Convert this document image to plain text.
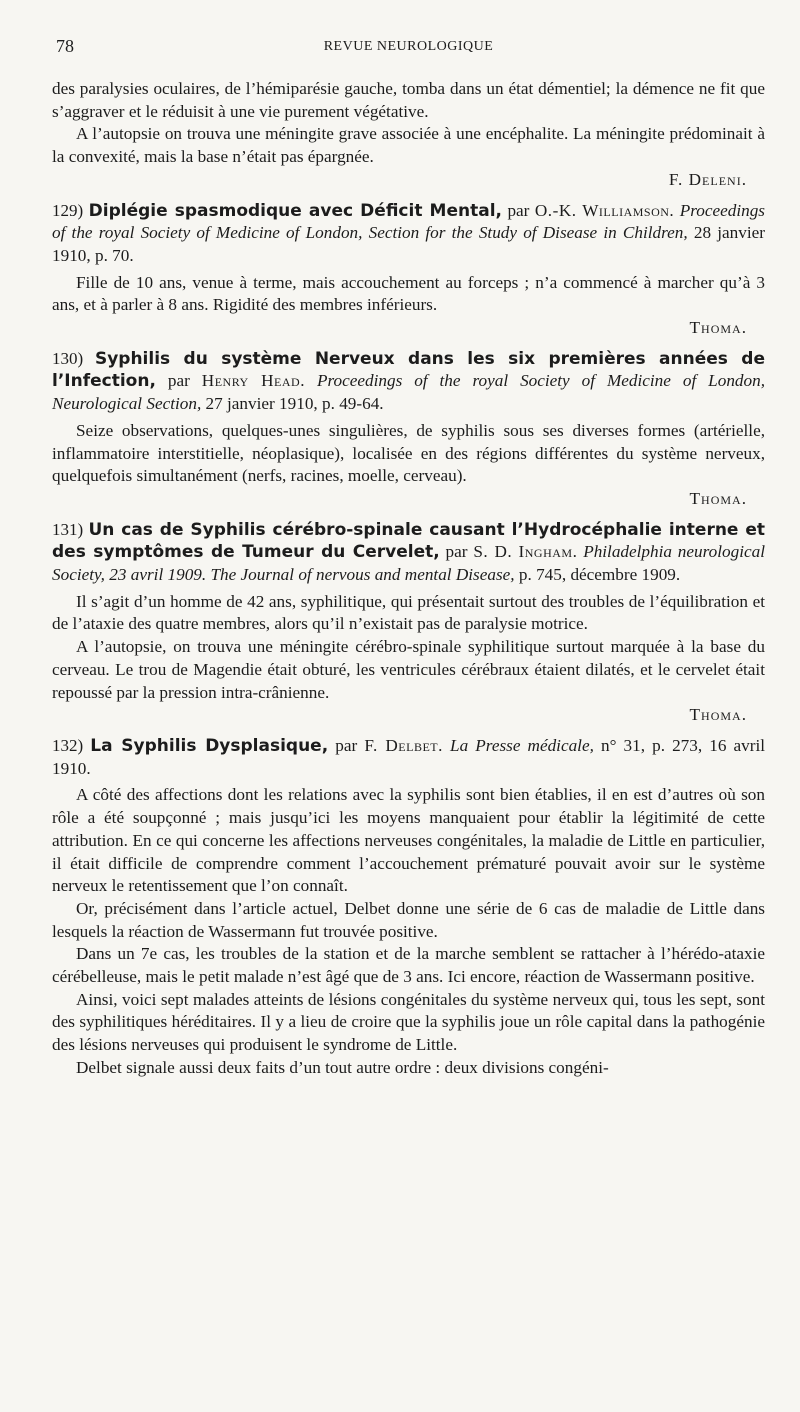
78	REVUE NEUROLOGIQUE

des paralysies oculaires, de l’hémiparésie gauche, tomba dans un état démentiel; la démence ne fit que s’aggraver et le réduisit à une vie purement végétative.

A l’autopsie on trouva une méningite grave associée à une encéphalite. La méningite prédominait à la convexité, mais la base n’était pas épargnée.

F. Deleni.

129) Diplégie spasmodique avec Déficit Mental, par O.-K. Williamson. Proceedings of the royal Society of Medicine of London, Section for the Study of Disease in Children, 28 janvier 1910, p. 70.

Fille de 10 ans, venue à terme, mais accouchement au forceps ; n’a commencé à marcher qu’à 3 ans, et à parler à 8 ans. Rigidité des membres inférieurs.

Thoma.

130) Syphilis du système Nerveux dans les six premières années de l’Infection, par Henry Head. Proceedings of the royal Society of Medicine of London, Neurological Section, 27 janvier 1910, p. 49-64.

Seize observations, quelques-unes singulières, de syphilis sous ses diverses formes (artérielle, inflammatoire interstitielle, néoplasique), localisée en des régions différentes du système nerveux, quelquefois simultanément (nerfs, racines, moelle, cerveau).

Thoma.

131) Un cas de Syphilis cérébro-spinale causant l’Hydrocéphalie interne et des symptômes de Tumeur du Cervelet, par S. D. Ingham. Philadelphia neurological Society, 23 avril 1909. The Journal of nervous and mental Disease, p. 745, décembre 1909.

Il s’agit d’un homme de 42 ans, syphilitique, qui présentait surtout des troubles de l’équilibration et de l’ataxie des quatre membres, alors qu’il n’existait pas de paralysie motrice.

A l’autopsie, on trouva une méningite cérébro-spinale syphilitique surtout marquée à la base du cerveau. Le trou de Magendie était obturé, les ventricules cérébraux étaient dilatés, et le cervelet était repoussé par la pression intra-crânienne.

Thoma.

132) La Syphilis Dysplasique, par F. Delbet. La Presse médicale, n° 31, p. 273, 16 avril 1910.

A côté des affections dont les relations avec la syphilis sont bien établies, il en est d’autres où son rôle a été soupçonné ; mais jusqu’ici les moyens manquaient pour établir la légitimité de cette attribution. En ce qui concerne les affections nerveuses congénitales, la maladie de Little en particulier, il était difficile de comprendre comment l’accouchement prématuré pouvait avoir sur le système nerveux le retentissement que l’on connaît.

Or, précisément dans l’article actuel, Delbet donne une série de 6 cas de maladie de Little dans lesquels la réaction de Wassermann fut trouvée positive.

Dans un 7e cas, les troubles de la station et de la marche semblent se rattacher à l’hérédo-ataxie cérébelleuse, mais le petit malade n’est âgé que de 3 ans. Ici encore, réaction de Wassermann positive.

Ainsi, voici sept malades atteints de lésions congénitales du système nerveux qui, tous les sept, sont des syphilitiques héréditaires. Il y a lieu de croire que la syphilis joue un rôle capital dans la pathogénie des lésions nerveuses qui produisent le syndrome de Little.

Delbet signale aussi deux faits d’un tout autre ordre : deux divisions congéni-
